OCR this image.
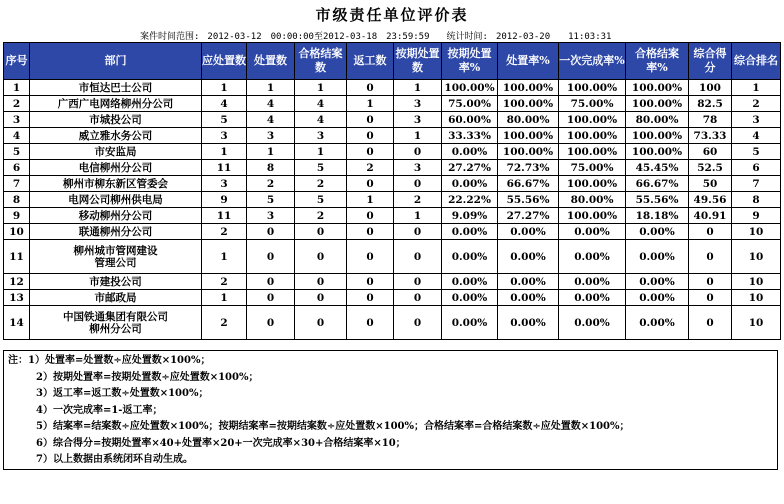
市级责任单位评价表
案件时间范围: 2012-03-12　00:00:00至2012-03-18　23:59:59　 统计时间: 2012-03-20　　11:03:31
序号	部门	应处置数	处置数	合格结案数	返工数	按期处置数	按期处置率%	处置率%	一次完成率%	合格结案率%	综合得分	综合排名
1	市恒达巴士公司	1	1	1	0	1	100.00%	100.00%	100.00%	100.00%	100	1
2	广西广电网络柳州分公司	4	4	4	1	3	75.00%	100.00%	75.00%	100.00%	82.5	2
3	市城投公司	5	4	4	0	3	60.00%	80.00%	100.00%	80.00%	78	3
4	威立雅水务公司	3	3	3	0	1	33.33%	100.00%	100.00%	100.00%	73.33	4
5	市安监局	1	1	1	0	0	0.00%	100.00%	100.00%	100.00%	60	5
6	电信柳州分公司	11	8	5	2	3	27.27%	72.73%	75.00%	45.45%	52.5	6
7	柳州市柳东新区管委会	3	2	2	0	0	0.00%	66.67%	100.00%	66.67%	50	7
8	电网公司柳州供电局	9	5	5	1	2	22.22%	55.56%	80.00%	55.56%	49.56	8
9	移动柳州分公司	11	3	2	0	1	9.09%	27.27%	100.00%	18.18%	40.91	9
10	联通柳州分公司	2	0	0	0	0	0.00%	0.00%	0.00%	0.00%	0	10
11	柳州城市管网建设
管理公司	1	0	0	0	0	0.00%	0.00%	0.00%	0.00%	0	10
12	市建投公司	2	0	0	0	0	0.00%	0.00%	0.00%	0.00%	0	10
13	市邮政局	1	0	0	0	0	0.00%	0.00%	0.00%	0.00%	0	10
14	中国铁通集团有限公司
柳州分公司	2	0	0	0	0	0.00%	0.00%	0.00%	0.00%	0	10
注：1）处置率=处置数÷应处置数×100%；
2）按期处置率=按期处置数÷应处置数×100%；
3）返工率=返工数÷处置数×100%；
4）一次完成率=1-返工率；
5）结案率=结案数÷应处置数×100%；按期结案率=按期结案数÷应处置数×100%；合格结案率=合格结案数÷应处置数×100%；
6）综合得分=按期处置率×40+处置率×20+一次完成率×30+合格结案率×10；
7）以上数据由系统闭环自动生成。
